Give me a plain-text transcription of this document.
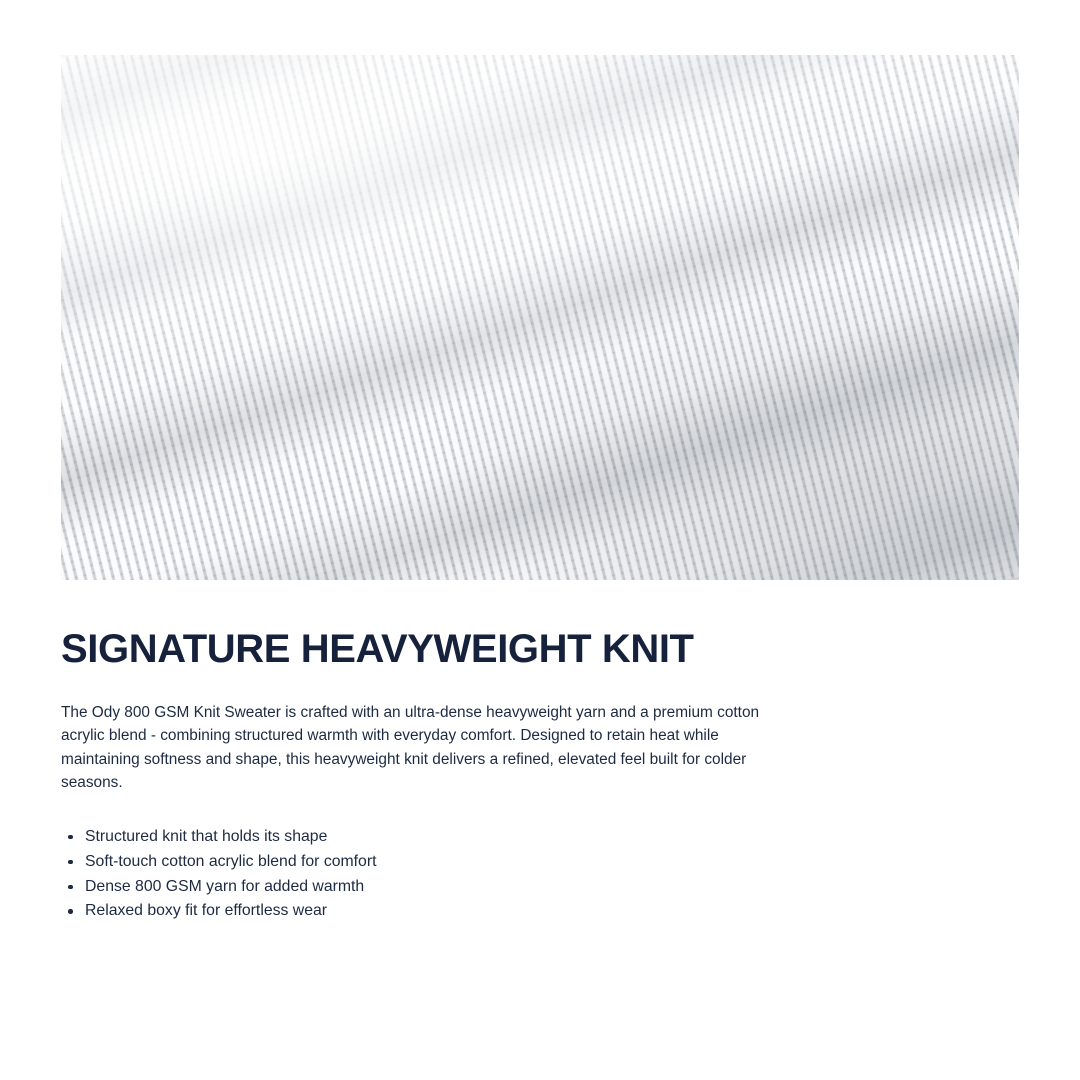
SIGNATURE HEAVYWEIGHT KNIT

The Ody 800 GSM Knit Sweater is crafted with an ultra-dense heavyweight yarn and a premium cotton acrylic blend - combining structured warmth with everyday comfort. Designed to retain heat while maintaining softness and shape, this heavyweight knit delivers a refined, elevated feel built for colder seasons.

Structured knit that holds its shape
Soft-touch cotton acrylic blend for comfort
Dense 800 GSM yarn for added warmth
Relaxed boxy fit for effortless wear
